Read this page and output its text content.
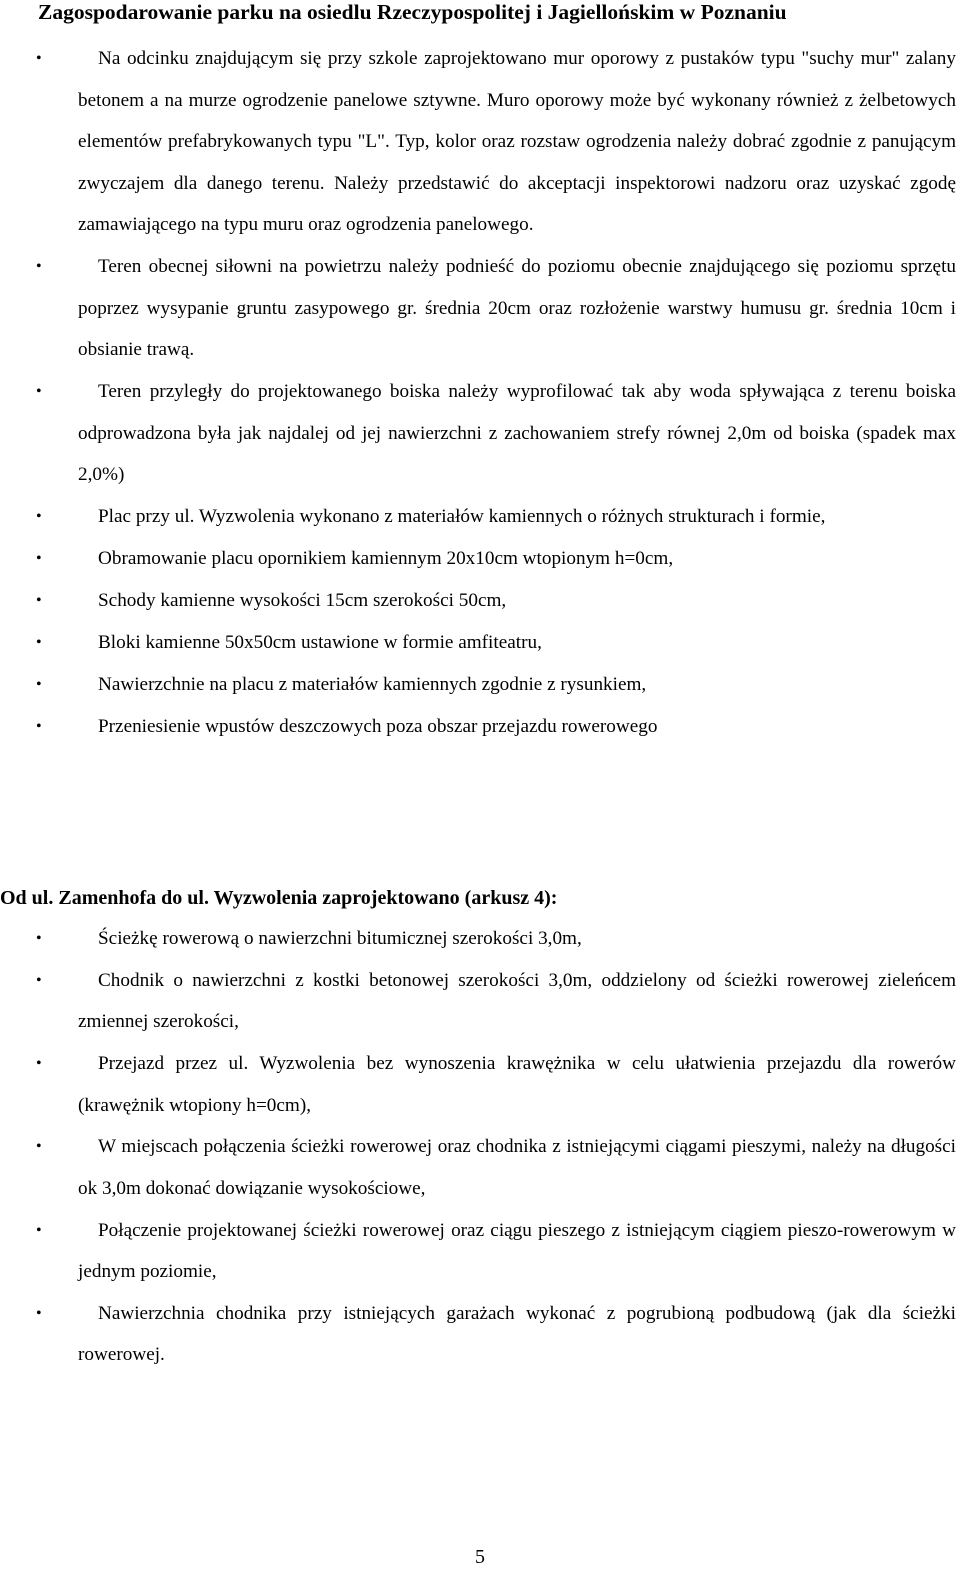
Zagospodarowanie parku na osiedlu Rzeczypospolitej i Jagiellońskim w Poznaniu
•	Na odcinku znajdującym się przy szkole zaprojektowano mur oporowy z pustaków typu "suchy mur" zalany betonem a na murze ogrodzenie panelowe sztywne. Muro oporowy może być wykonany również z żelbetowych elementów prefabrykowanych typu "L". Typ, kolor oraz rozstaw ogrodzenia należy dobrać zgodnie z panującym zwyczajem dla danego terenu. Należy przedstawić do akceptacji inspektorowi nadzoru oraz uzyskać zgodę zamawiającego na typu muru oraz ogrodzenia panelowego.
•	Teren obecnej siłowni na powietrzu należy podnieść do poziomu obecnie znajdującego się poziomu sprzętu poprzez wysypanie gruntu zasypowego gr. średnia 20cm oraz rozłożenie warstwy humusu gr. średnia 10cm i obsianie trawą.
•	Teren przyległy do projektowanego boiska należy wyprofilować tak aby woda spływająca z terenu boiska odprowadzona była jak najdalej od jej nawierzchni z zachowaniem strefy równej 2,0m od boiska (spadek max 2,0%)
•	Plac przy ul. Wyzwolenia wykonano z materiałów kamiennych o różnych strukturach i formie,
•	Obramowanie placu opornikiem kamiennym 20x10cm wtopionym h=0cm,
•	Schody kamienne wysokości 15cm szerokości 50cm,
•	Bloki kamienne 50x50cm ustawione w formie amfiteatru,
•	Nawierzchnie na placu z materiałów kamiennych zgodnie z rysunkiem,
•	Przeniesienie wpustów deszczowych poza obszar przejazdu rowerowego
Od ul. Zamenhofa do ul. Wyzwolenia zaprojektowano (arkusz 4):
•	Ścieżkę rowerową o nawierzchni bitumicznej szerokości 3,0m,
•	Chodnik o nawierzchni z kostki betonowej szerokości 3,0m, oddzielony od ścieżki rowerowej zieleńcem zmiennej szerokości,
•	Przejazd przez ul. Wyzwolenia bez wynoszenia krawężnika w celu ułatwienia przejazdu dla rowerów (krawężnik wtopiony h=0cm),
•	W miejscach połączenia ścieżki rowerowej oraz chodnika z istniejącymi ciągami pieszymi, należy na długości ok 3,0m dokonać dowiązanie wysokościowe,
•	Połączenie projektowanej ścieżki rowerowej oraz ciągu pieszego z istniejącym ciągiem pieszo-rowerowym w jednym poziomie,
•	Nawierzchnia chodnika przy istniejących garażach wykonać z pogrubioną podbudową (jak dla ścieżki rowerowej.
5
